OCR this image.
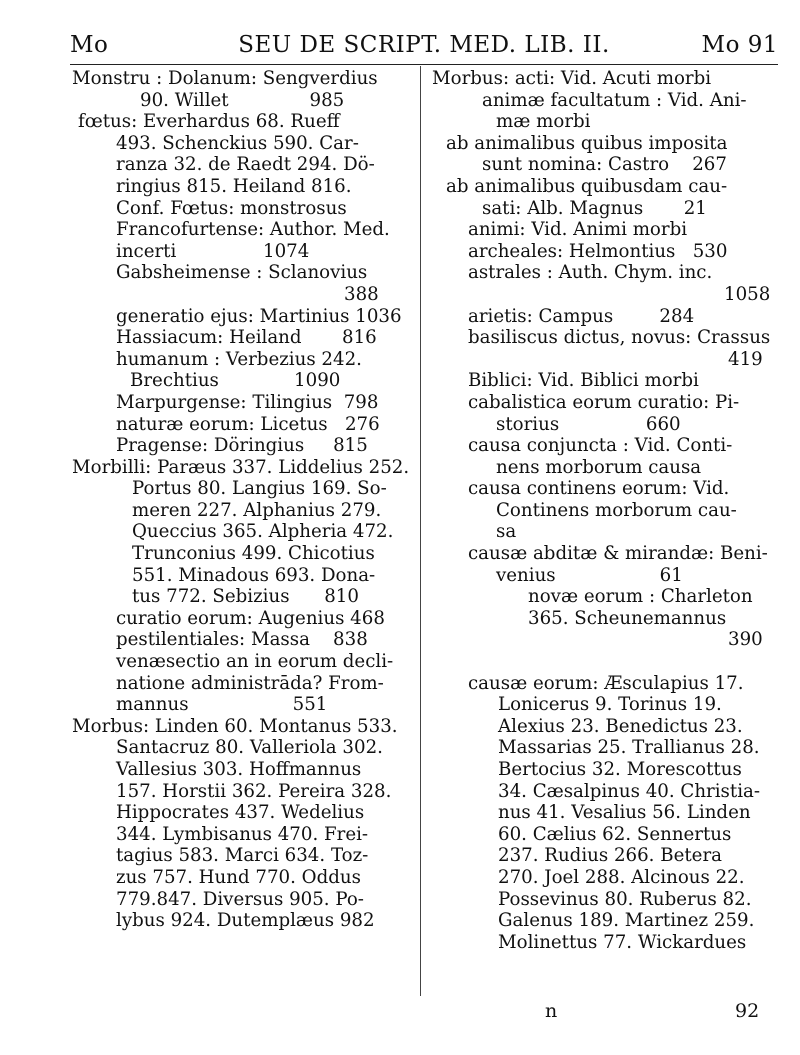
Mo	SEU DE SCRIPT. MED. LIB. II.	Mo 91
Monstru : Dolanum: Sengverdius
90. Willet              985
fœtus: Everhardus 68. Rueff
493. Schenckius 590. Car-
ranza 32. de Raedt 294. Dö-
ringius 815. Heiland 816.
Conf. Fœtus: monstrosus
Francofurtense: Author. Med.
incerti               1074
Gabsheimense : Sclanovius
388
generatio ejus: Martinius 1036
Hassiacum: Heiland       816
humanum : Verbezius 242.
Brechtius             1090
Marpurgense: Tilingius  798
naturæ eorum: Licetus   276
Pragense: Döringius     815
Morbilli: Paræus 337. Liddelius 252.
Portus 80. Langius 169. So-
meren 227. Alphanius 279.
Queccius 365. Alpheria 472.
Trunconius 499. Chicotius
551. Minadous 693. Dona-
tus 772. Sebizius      810
curatio eorum: Augenius 468
pestilentiales: Massa    838
venæsectio an in eorum decli-
natione administrāda? From-
mannus                  551
Morbus: Linden 60. Montanus 533.
Santacruz 80. Valleriola 302.
Vallesius 303. Hoffmannus
157. Horstii 362. Pereira 328.
Hippocrates 437. Wedelius
344. Lymbisanus 470. Frei-
tagius 583. Marci 634. Toz-
zus 757. Hund 770. Oddus
779.847. Diversus 905. Po-
lybus 924. Dutemplæus 982
Morbus: acti: Vid. Acuti morbi
animæ facultatum : Vid. Ani-
mæ morbi
ab animalibus quibus imposita
sunt nomina: Castro    267
ab animalibus quibusdam cau-
sati: Alb. Magnus       21
animi: Vid. Animi morbi
archeales: Helmontius   530
astrales : Auth. Chym. inc.
1058
arietis: Campus        284
basiliscus dictus, novus: Crassus
419
Biblici: Vid. Biblici morbi
cabalistica eorum curatio: Pi-
storius               660
causa conjuncta : Vid. Conti-
nens morborum causa
causa continens eorum: Vid.
Continens morborum cau-
sa
causæ abditæ & mirandæ: Beni-
venius                  61
novæ eorum : Charleton
365. Scheunemannus
390
causæ eorum: Æsculapius 17.
Lonicerus 9. Torinus 19.
Alexius 23. Benedictus 23.
Massarias 25. Trallianus 28.
Bertocius 32. Morescottus
34. Cæsalpinus 40. Christia-
nus 41. Vesalius 56. Linden
60. Cælius 62. Sennertus
237. Rudius 266. Betera
270. Joel 288. Alcinous 22.
Possevinus 80. Ruberus 82.
Galenus 189. Martinez 259.
Molinettus 77. Wickardues
n	92
